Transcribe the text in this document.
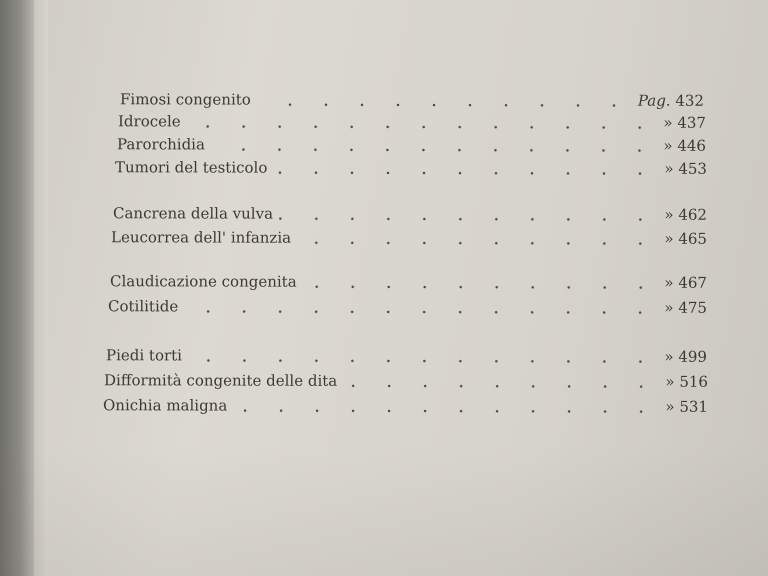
Fimosi congenito	Pag. 432
Idrocele	» 437
Parorchidia	» 446
Tumori del testicolo	» 453
Cancrena della vulva	» 462
Leucorrea dell' infanzia	» 465
Claudicazione congenita	» 467
Cotilitide	» 475
Piedi torti	» 499
Difformità congenite delle dita	» 516
Onichia maligna	» 531
